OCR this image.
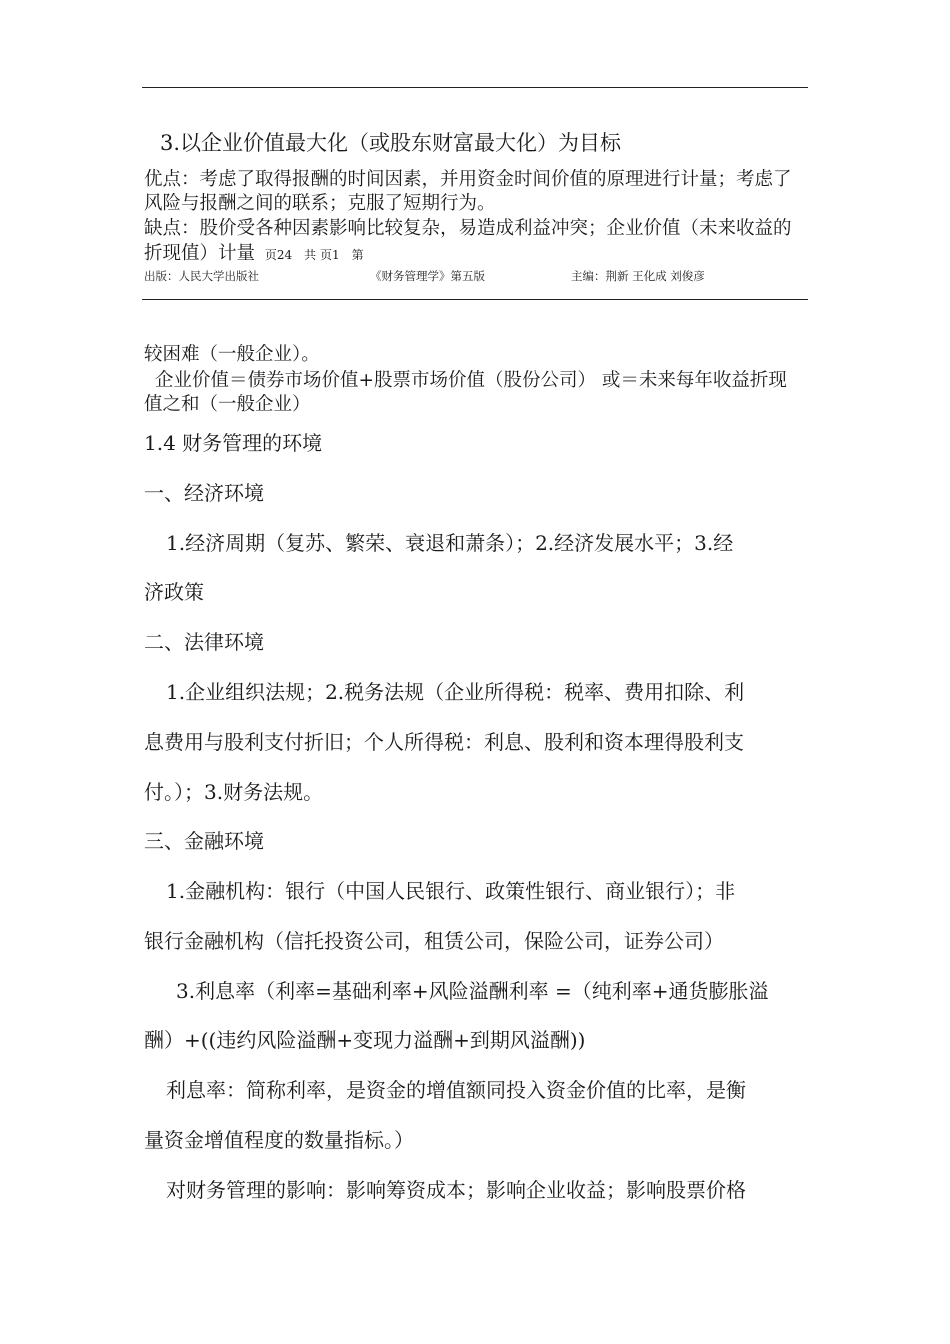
3.以企业价值最大化（或股东财富最大化）为目标
优点：考虑了取得报酬的时间因素，并用资金时间价值的原理进行计量；考虑了
风险与报酬之间的联系；克服了短期行为。
缺点：股价受各种因素影响比较复杂，易造成利益冲突；企业价值（未来收益的
折现值）计量 页24　共 页1　第
出版：人民大学出版社	《财务管理学》第五版	主编：荆新 王化成 刘俊彦
较困难（一般企业）。
企业价值＝债券市场价值+股票市场价值（股份公司） 或＝未来每年收益折现
值之和（一般企业）
1.4 财务管理的环境
一、经济环境
1.经济周期（复苏、繁荣、衰退和萧条）；2.经济发展水平；3.经
济政策
二、法律环境
1.企业组织法规；2.税务法规（企业所得税：税率、费用扣除、利
息费用与股利支付折旧；个人所得税：利息、股利和资本理得股利支
付。）；3.财务法规。
三、金融环境
1.金融机构：银行（中国人民银行、政策性银行、商业银行）；非
银行金融机构（信托投资公司，租赁公司，保险公司，证券公司）
3.利息率（利率=基础利率+风险溢酬利率 =（纯利率+通货膨胀溢
酬）+((违约风险溢酬+变现力溢酬+到期风溢酬))
利息率：简称利率，是资金的增值额同投入资金价值的比率，是衡
量资金增值程度的数量指标。）
对财务管理的影响：影响筹资成本；影响企业收益；影响股票价格
